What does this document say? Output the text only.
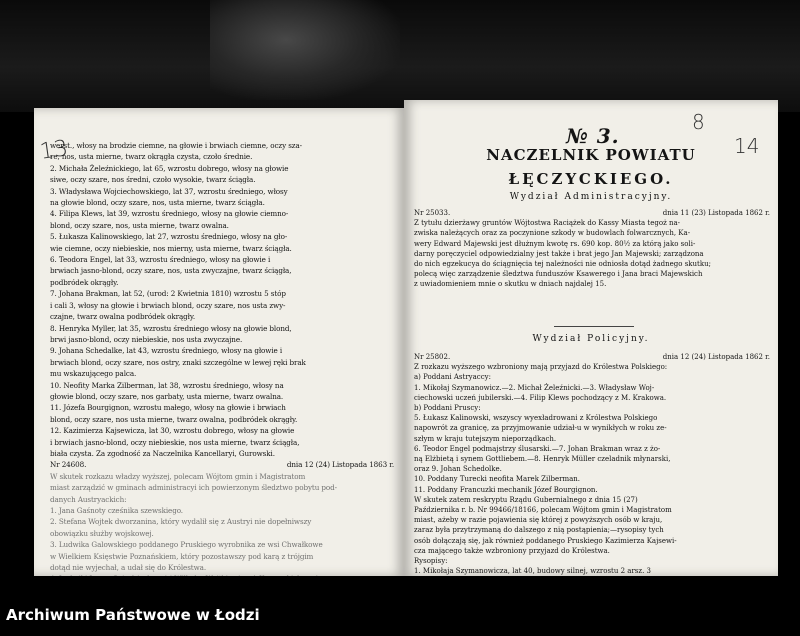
13
werst., włosy na brodzie ciemne, na głowie i brwiach ciemne, oczy sza-
re, nos, usta mierne, twarz okrągła czysta, czoło średnie.
2. Michała Żeleźnickiego, lat 65, wzrostu dobrego, włosy na głowie
siwe, oczy szare, nos średni, czoło wysokie, twarz ściągła.
3. Władysława Wojciechowskiego, lat 37, wzrostu średniego, włosy
na głowie blond, oczy szare, nos, usta mierne, twarz ściągła.
4. Filipa Klews, lat 39, wzrostu średniego, włosy na głowie ciemno-
blond, oczy szare, nos, usta mierne, twarz owalna.
5. Łukasza Kalinowskiego, lat 27, wzrostu średniego, włosy na gło-
wie ciemne, oczy niebieskie, nos mierny, usta mierne, twarz ściągła.
6. Teodora Engel, lat 33, wzrostu średniego, włosy na głowie i
brwiach jasno-blond, oczy szare, nos, usta zwyczajne, twarz ściągła,
podbródek okrągły.
7. Johana Brakman, lat 52, (urod: 2 Kwietnia 1810) wzrostu 5 stóp
i cali 3, włosy na głowie i brwiach blond, oczy szare, nos usta zwy-
czajne, twarz owalna podbródek okrągły.
8. Henryka Myller, lat 35, wzrostu średniego włosy na głowie blond,
brwi jasno-blond, oczy niebieskie, nos usta zwyczajne.
9. Johana Schedalke, lat 43, wzrostu średniego, włosy na głowie i
brwiach blond, oczy szare, nos ostry, znaki szczególne w lewej ręki brak
mu wskazującego palca.
10. Neofity Marka Zilberman, lat 38, wzrostu średniego, włosy na
głowie blond, oczy szare, nos garbaty, usta mierne, twarz owalna.
11. Józefa Bourgignon, wzrostu małego, włosy na głowie i brwiach
blond, oczy szare, nos usta mierne, twarz owalna, podbródek okrągły.
12. Kazimierza Kajsewicza, lat 30, wzrostu dobrego, włosy na głowie
i brwiach jasno-blond, oczy niebieskie, nos usta mierne, twarz ściągła,
biała czysta. Za zgodność za Naczelnika Kancellaryi, Gurowski.
Nr 24608.	dnia 12 (24) Listopada 1863 r.
W skutek rozkazu władzy wyższej, polecam Wójtom gmin i Magistratom
miast zarządzić w gminach administracyi ich powierzonym śledztwo pobytu pod-
danych Austryackich:
1. Jana Gaśnoty cześnika szewskiego.
2. Stefana Wojtek dworzanina, który wydalił się z Austryi nie dopełniwszy
obowiązku służby wojskowej.
3. Ludwika Galowskiego poddanego Pruskiego wyrobnika ze wsi Chwałkowe
w Wielkiem Księstwie Poznańskiem, który pozostawszy pod karą z trójgim
dotąd nie wyjechał, a udał się do Królestwa.
8
14
№ 3.
NACZELNIK POWIATU
ŁĘCZYCKIEGO.
Wydział Administracyjny.
Nr 25033.	dnia 11 (23) Listopada 1862 r.
Z tytułu dzierżawy gruntów Wójtostwa Raciążek do Kassy Miasta tegoż na-
zwiska należących oraz za poczynione szkody w budowlach folwarcznych, Ka-
wery Edward Majewski jest dłużnym kwotę rs. 690 kop. 80½ za którą jako soli-
darny poręczyciel odpowiedzialny jest także i brat jego Jan Majewski; zarządzona
do nich egzekucya do ściągnięcia tej należności nie odniosła dotąd żadnego skutku;
polecą więc zarządzenie śledztwa funduszów Ksawerego i Jana braci Majewskich
z uwiadomieniem mnie o skutku w dniach najdalej 15.
Wydział Policyjny.
Nr 25802.	dnia 12 (24) Listopada 1862 r.
Z rozkazu wyższego wzbroniony mają przyjazd do Królestwa Polskiego:
a) Poddani Astryaccy:
1. Mikołaj Szymanowicz.—2. Michał Żeleźnicki.—3. Władysław Woj-
ciechowski uczeń jubilerski.—4. Filip Klews pochodzący z M. Krakowa.
b) Poddani Pruscy:
5. Łukasz Kalinowski, wszyscy wyexładrowani z Królestwa Polskiego
napowrót za granicę, za przyjmowanie udział-u w wynikłych w roku ze-
szłym w kraju tutejszym nieporządkach.
6. Teodor Engel podmajstrzy ślusarski.—7. Johan Brakman wraz z żo-
ną Elżbietą i synem Gottliebem.—8. Henryk Müller czeladnik młynarski,
oraz 9. Johan Schedolke.
10. Poddany Turecki neofita Marek Zilberman.
11. Poddany Francuzki mechanik Józef Bourgignon.
W skutek zatem reskryptu Rządu Gubernialnego z dnia 15 (27)
Października r. b. Nr 99466/18166, polecam Wójtom gmin i Magistratom
miast, ażeby w razie pojawienia się której z powyższych osób w kraju,
zaraz była przytrzymaną do dalszego z nią postąpienia;—rysopisy tych
osób dołączają się, jak również poddanego Pruskiego Kazimierza Kajsewi-
cza mającego także wzbroniony przyjazd do Królestwa.
Rysopisy:
1. Mikołaja Szymanowicza, lat 40, budowy silnej, wzrostu 2 arsz. 3
Archiwum Państwowe w Łodzi
